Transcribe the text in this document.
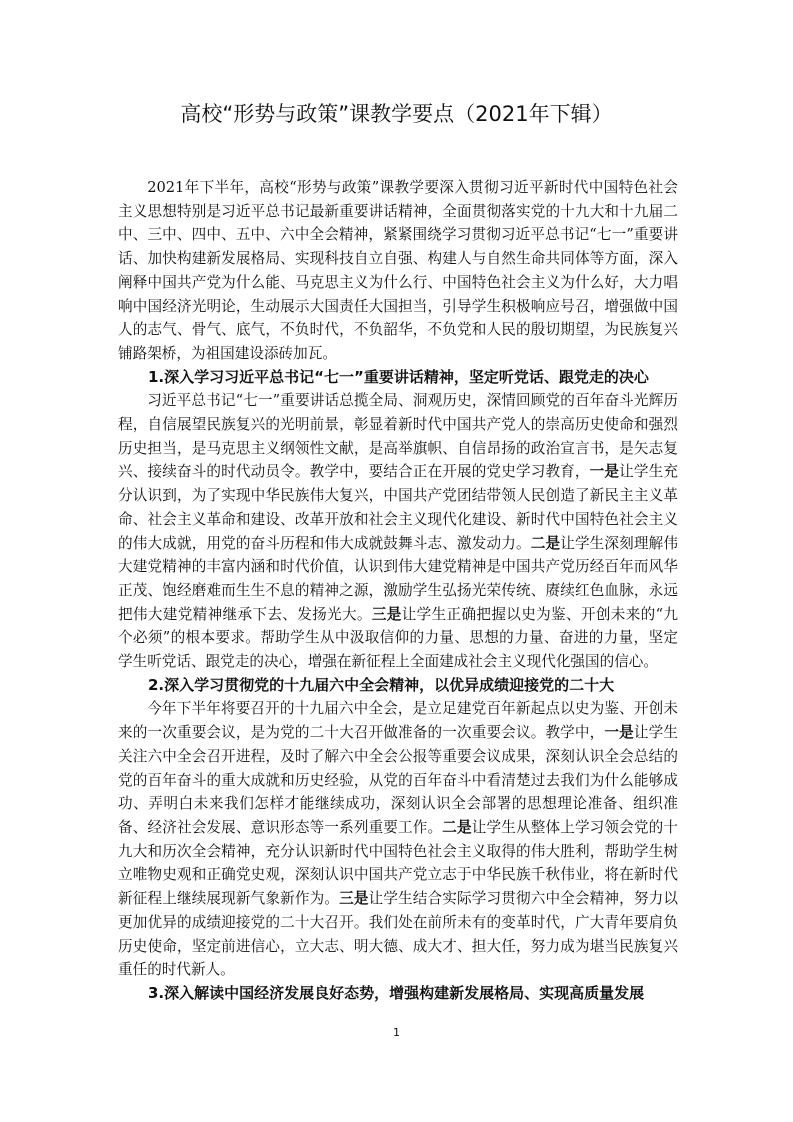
高校“形势与政策”课教学要点（2021年下辑）

2021年下半年，高校“形势与政策”课教学要深入贯彻习近平新时代中国特色社会主义思想特别是习近平总书记最新重要讲话精神，全面贯彻落实党的十九大和十九届二中、三中、四中、五中、六中全会精神，紧紧围绕学习贯彻习近平总书记“七一”重要讲话、加快构建新发展格局、实现科技自立自强、构建人与自然生命共同体等方面，深入阐释中国共产党为什么能、马克思主义为什么行、中国特色社会主义为什么好，大力唱响中国经济光明论，生动展示大国责任大国担当，引导学生积极响应号召，增强做中国人的志气、骨气、底气，不负时代，不负韶华，不负党和人民的殷切期望，为民族复兴铺路架桥，为祖国建设添砖加瓦。

1.深入学习习近平总书记“七一”重要讲话精神，坚定听党话、跟党走的决心

习近平总书记“七一”重要讲话总揽全局、洞观历史，深情回顾党的百年奋斗光辉历程，自信展望民族复兴的光明前景，彰显着新时代中国共产党人的崇高历史使命和强烈历史担当，是马克思主义纲领性文献，是高举旗帜、自信昂扬的政治宣言书，是矢志复兴、接续奋斗的时代动员令。教学中，要结合正在开展的党史学习教育，一是让学生充分认识到，为了实现中华民族伟大复兴，中国共产党团结带领人民创造了新民主主义革命、社会主义革命和建设、改革开放和社会主义现代化建设、新时代中国特色社会主义的伟大成就，用党的奋斗历程和伟大成就鼓舞斗志、激发动力。二是让学生深刻理解伟大建党精神的丰富内涵和时代价值，认识到伟大建党精神是中国共产党历经百年而风华正茂、饱经磨难而生生不息的精神之源，激励学生弘扬光荣传统、赓续红色血脉，永远把伟大建党精神继承下去、发扬光大。三是让学生正确把握以史为鉴、开创未来的“九个必须”的根本要求。帮助学生从中汲取信仰的力量、思想的力量、奋进的力量，坚定学生听党话、跟党走的决心，增强在新征程上全面建成社会主义现代化强国的信心。

2.深入学习贯彻党的十九届六中全会精神，以优异成绩迎接党的二十大

今年下半年将要召开的十九届六中全会，是立足建党百年新起点以史为鉴、开创未来的一次重要会议，是为党的二十大召开做准备的一次重要会议。教学中，一是让学生关注六中全会召开进程，及时了解六中全会公报等重要会议成果，深刻认识全会总结的党的百年奋斗的重大成就和历史经验，从党的百年奋斗中看清楚过去我们为什么能够成功、弄明白未来我们怎样才能继续成功，深刻认识全会部署的思想理论准备、组织准备、经济社会发展、意识形态等一系列重要工作。二是让学生从整体上学习领会党的十九大和历次全会精神，充分认识新时代中国特色社会主义取得的伟大胜利，帮助学生树立唯物史观和正确党史观，深刻认识中国共产党立志于中华民族千秋伟业，将在新时代新征程上继续展现新气象新作为。三是让学生结合实际学习贯彻六中全会精神，努力以更加优异的成绩迎接党的二十大召开。我们处在前所未有的变革时代，广大青年要肩负历史使命，坚定前进信心，立大志、明大德、成大才、担大任，努力成为堪当民族复兴重任的时代新人。

3.深入解读中国经济发展良好态势，增强构建新发展格局、实现高质量发展
1
